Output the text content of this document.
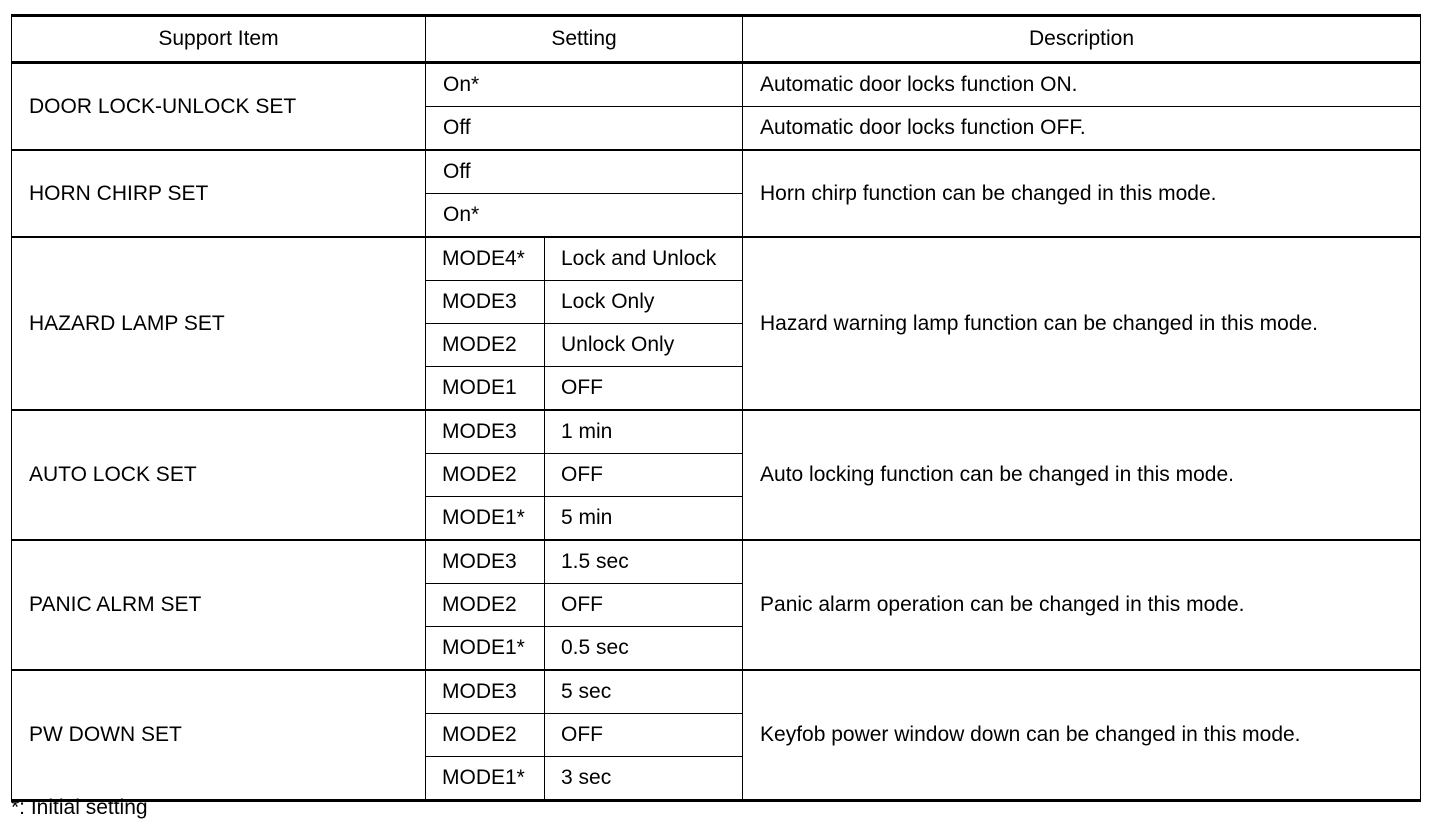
Support Item	Setting		Description
DOOR LOCK-UNLOCK SET	On*		Automatic door locks function ON.
	Off		Automatic door locks function OFF.
HORN CHIRP SET	Off		Horn chirp function can be changed in this mode.
	On*		
HAZARD LAMP SET	MODE4*	Lock and Unlock	Hazard warning lamp function can be changed in this mode.
	MODE3	Lock Only	
	MODE2	Unlock Only	
	MODE1	OFF	
AUTO LOCK SET	MODE3	1 min	Auto locking function can be changed in this mode.
	MODE2	OFF	
	MODE1*	5 min	
PANIC ALRM SET	MODE3	1.5 sec	Panic alarm operation can be changed in this mode.
	MODE2	OFF	
	MODE1*	0.5 sec	
PW DOWN SET	MODE3	5 sec	Keyfob power window down can be changed in this mode.
	MODE2	OFF	
	MODE1*	3 sec	
*: Initial setting
